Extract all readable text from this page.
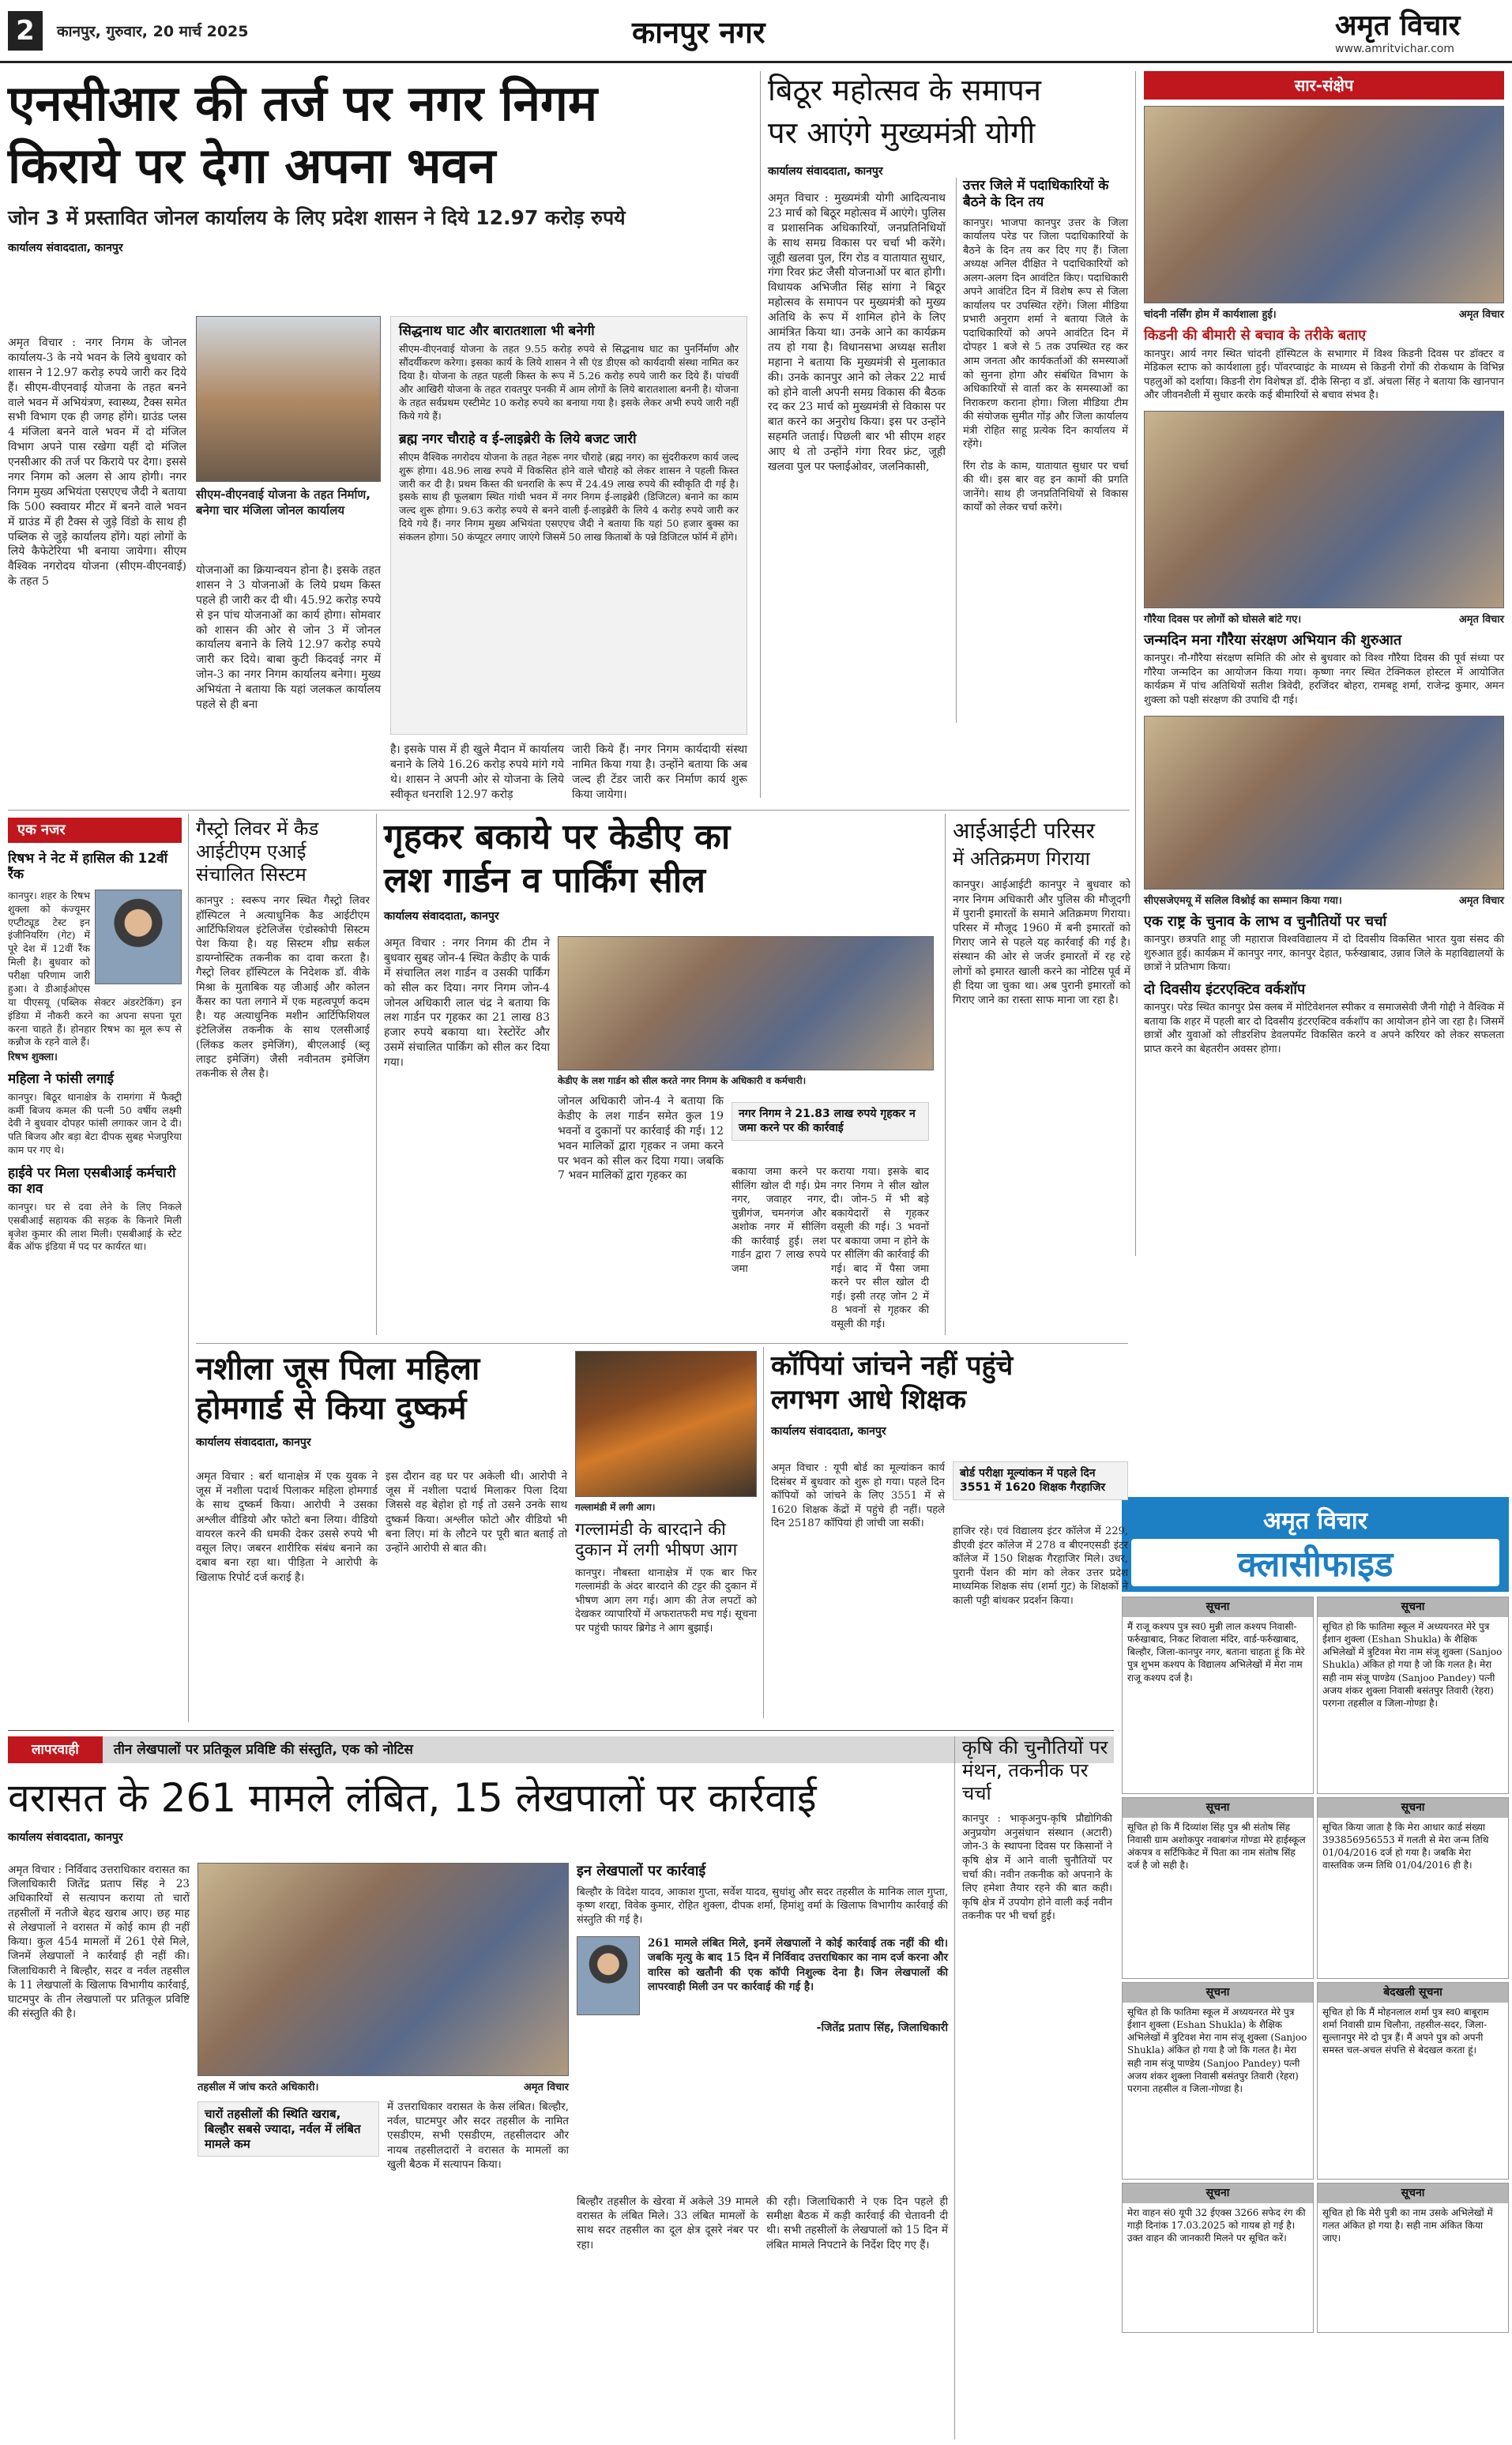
2	कानपुर, गुरुवार, 20 मार्च 2025	कानपुर नगर	अमृत विचार
www.amritvichar.com
एनसीआर की तर्ज पर नगर निगम
किराये पर देगा अपना भवन
जोन 3 में प्रस्तावित जोनल कार्यालय के लिए प्रदेश शासन ने दिये 12.97 करोड़ रुपये
कार्यालय संवाददाता, कानपुर

अमृत विचार : नगर निगम के जोनल कार्यालय-3 के नये भवन के लिये बुधवार को शासन ने 12.97 करोड़ रुपये जारी कर दिये हैं। सीएम-वीएनवाई योजना के तहत बनने वाले भवन में अभियंत्रण, स्वास्थ्य, टैक्स समेत सभी विभाग एक ही जगह होंगे। ग्राउंड प्लस 4 मंजिला बनने वाले भवन में दो मंजिल विभाग अपने पास रखेगा यहीं दो मंजिल एनसीआर की तर्ज पर किराये पर देगा। इससे नगर निगम को अलग से आय होगी। नगर निगम मुख्य अभियंता एसएएच जैदी ने बताया कि 500 स्क्वायर मीटर में बनने वाले भवन में ग्राउंड में ही टैक्स से जुड़े विंडो के साथ ही पब्लिक से जुड़े कार्यालय होंगे। यहां लोगों के लिये कैफेटेरिया भी बनाया जायेगा। सीएम वैश्विक नगरोदय योजना (सीएम-वीएनवाई) के तहत 5

सीएम-वीएनवाई योजना के तहत निर्माण, बनेगा चार मंजिला जोनल कार्यालय

योजनाओं का क्रियान्वयन होना है। इसके तहत शासन ने 3 योजनाओं के लिये प्रथम किस्त पहले ही जारी कर दी थी। 45.92 करोड़ रुपये से इन पांच योजनाओं का कार्य होगा। सोमवार को शासन की ओर से जोन 3 में जोनल कार्यालय बनाने के लिये 12.97 करोड़ रुपये जारी कर दिये। बाबा कुटी किदवई नगर में जोन-3 का नगर निगम कार्यालय बनेगा। मुख्य अभियंता ने बताया कि यहां जलकल कार्यालय पहले से ही बना

सिद्धनाथ घाट और बारातशाला भी बनेगी
सीएम-वीएनवाई योजना के तहत 9.55 करोड़ रुपये से सिद्धनाथ घाट का पुनर्निर्माण और सौंदर्यीकरण करेगा। इसका कार्य के लिये शासन ने सी एंड डीएस को कार्यदायी संस्था नामित कर दिया है। योजना के तहत पहली किस्त के रूप में 5.26 करोड़ रुपये जारी कर दिये हैं। पांचवीं और आखिरी योजना के तहत रावतपुर पनकी में आम लोगों के लिये बारातशाला बननी है। योजना के तहत सर्वप्रथम एस्टीमेट 10 करोड़ रुपये का बनाया गया है। इसके लेकर अभी रुपये जारी नहीं किये गये हैं।
ब्रह्म नगर चौराहे व ई-लाइब्रेरी के लिये बजट जारी
सीएम वैश्विक नगरोदय योजना के तहत नेहरू नगर चौराहे (ब्रह्म नगर) का सुंदरीकरण कार्य जल्द शुरू होगा। 48.96 लाख रुपये में विकसित होने वाले चौराहे को लेकर शासन ने पहली किस्त जारी कर दी है। प्रथम किस्त की धनराशि के रूप में 24.49 लाख रुपये की स्वीकृति दी गई है। इसके साथ ही फूलबाग स्थित गांधी भवन में नगर निगम ई-लाइब्रेरी (डिजिटल) बनाने का काम जल्द शुरू होगा। 9.63 करोड़ रुपये से बनने वाली ई-लाइब्रेरी के लिये 4 करोड़ रुपये जारी कर दिये गये हैं। नगर निगम मुख्य अभियंता एसएएच जैदी ने बताया कि यहां 50 हजार बुक्स का संकलन होगा। 50 कंप्यूटर लगाए जाएंगे जिसमें 50 लाख किताबों के पन्ने डिजिटल फॉर्म में होंगे।

है। इसके पास में ही खुले मैदान में कार्यालय बनाने के लिये 16.26 करोड़ रुपये मांगे गये थे। शासन ने अपनी ओर से योजना के लिये स्वीकृत धनराशि 12.97 करोड़

जारी किये हैं। नगर निगम कार्यदायी संस्था नामित किया गया है। उन्होंने बताया कि अब जल्द ही टेंडर जारी कर निर्माण कार्य शुरू किया जायेगा।

बिठूर महोत्सव के समापन
पर आएंगे मुख्यमंत्री योगी
कार्यालय संवाददाता, कानपुर

अमृत विचार : मुख्यमंत्री योगी आदित्यनाथ 23 मार्च को बिठूर महोत्सव में आएंगे। पुलिस व प्रशासनिक अधिकारियों, जनप्रतिनिधियों के साथ समग्र विकास पर चर्चा भी करेंगे। जूही खलवा पुल, रिंग रोड व यातायात सुधार, गंगा रिवर फ्रंट जैसी योजनाओं पर बात होगी। विधायक अभिजीत सिंह सांगा ने बिठूर महोत्सव के समापन पर मुख्यमंत्री को मुख्य अतिथि के रूप में शामिल होने के लिए आमंत्रित किया था। उनके आने का कार्यक्रम तय हो गया है। विधानसभा अध्यक्ष सतीश महाना ने बताया कि मुख्यमंत्री से मुलाकात की। उनके कानपुर आने को लेकर 22 मार्च को होने वाली अपनी समग्र विकास की बैठक रद कर 23 मार्च को मुख्यमंत्री से विकास पर बात करने का अनुरोध किया। इस पर उन्होंने सहमति जताई। पिछली बार भी सीएम शहर आए थे तो उन्होंने गंगा रिवर फ्रंट, जूही खलवा पुल पर फ्लाईओवर, जलनिकासी,

उत्तर जिले में पदाधिकारियों के बैठने के दिन तय
कानपुर। भाजपा कानपुर उत्तर के जिला कार्यालय परेड पर जिला पदाधिकारियों के बैठने के दिन तय कर दिए गए हैं। जिला अध्यक्ष अनिल दीक्षित ने पदाधिकारियों को अलग-अलग दिन आवंटित किए। पदाधिकारी अपने आवंटित दिन में विशेष रूप से जिला कार्यालय पर उपस्थित रहेंगे। जिला मीडिया प्रभारी अनुराग शर्मा ने बताया जिले के पदाधिकारियों को अपने आवंटित दिन में दोपहर 1 बजे से 5 तक उपस्थित रह कर आम जनता और कार्यकर्ताओं की समस्याओं को सुनना होगा और संबंधित विभाग के अधिकारियों से वार्ता कर के समस्याओं का निराकरण कराना होगा। जिला मीडिया टीम की संयोजक सुमीत गोंड़ और जिला कार्यालय मंत्री रोहित साहू प्रत्येक दिन कार्यालय में रहेंगे।
रिंग रोड के काम, यातायात सुधार पर चर्चा की थी। इस बार वह इन कामों की प्रगति जानेंगे। साथ ही जनप्रतिनिधियों से विकास कार्यों को लेकर चर्चा करेंगे।
सार-संक्षेप
चांदनी नर्सिंग होम में कार्यशाला हुई।	अमृत विचार
किडनी की बीमारी से बचाव के तरीके बताए
कानपुर। आर्य नगर स्थित चांदनी हॉस्पिटल के सभागार में विश्व किडनी दिवस पर डॉक्टर व मेडिकल स्टाफ को कार्यशाला हुई। पॉवरप्वाइंट के माध्यम से किडनी रोगों की रोकथाम के विभिन्न पहलुओं को दर्शाया। किडनी रोग विशेषज्ञ डॉ. दीके सिन्हा व डॉ. अंचला सिंह ने बताया कि खानपान और जीवनशैली में सुधार करके कई बीमारियों से बचाव संभव है।
गौरैया दिवस पर लोगों को घोसले बांटे गए।	अमृत विचार
जन्मदिन मना गौरैया संरक्षण अभियान की शुरुआत
कानपुर। नौ-गौरैया संरक्षण समिति की ओर से बुधवार को विश्व गौरैया दिवस की पूर्व संध्या पर गौरैया जन्मदिन का आयोजन किया गया। कृष्णा नगर स्थित टेक्निकल होस्टल में आयोजित कार्यक्रम में पांच अतिथियों सतीश त्रिवेदी, हरजिंदर बोहरा, रामबहू शर्मा, राजेन्द्र कुमार, अमन शुक्ला को पक्षी संरक्षण की उपाधि दी गई।
सीएसजेएमयू में सलिल विश्नोई का सम्मान किया गया।	अमृत विचार
एक राष्ट्र के चुनाव के लाभ व चुनौतियों पर चर्चा
कानपुर। छत्रपति शाहू जी महाराज विश्वविद्यालय में दो दिवसीय विकसित भारत युवा संसद की शुरुआत हुई। कार्यक्रम में कानपुर नगर, कानपुर देहात, फर्रुखाबाद, उन्नाव जिले के महाविद्यालयों के छात्रों ने प्रतिभाग किया।
दो दिवसीय इंटरएक्टिव वर्कशॉप
कानपुर। परेड स्थित कानपुर प्रेस क्लब में मोटिवेशनल स्पीकर व समाजसेवी जैनी गोद्दी ने वैश्विक में बताया कि शहर में पहली बार दो दिवसीय इंटरएक्टिव वर्कशॉप का आयोजन होने जा रहा है। जिसमें छात्रों और युवाओं को लीडरशिप डेवलपमेंट विकसित करने व अपने करियर को लेकर सफलता प्राप्त करने का बेहतरीन अवसर होगा।
अमृत विचार
क्लासीफाइड
सूचना
मैं राजू कश्यप पुत्र स्व0 मुन्नी लाल कश्यप निवासी-फर्रुखाबाद, निकट शिवाला मंदिर, वार्ड-फर्रुखाबाद, बिल्हौर, जिला-कानपुर नगर, बताना चाहता हूं कि मेरे पुत्र शुभम कश्यप के विद्यालय अभिलेखों में मेरा नाम राजू कश्यप दर्ज है।
सूचना
सूचित हो कि फातिमा स्कूल में अध्ययनरत मेरे पुत्र ईशान शुक्ला (Eshan Shukla) के शैक्षिक अभिलेखों में त्रुटिवश मेरा नाम संजू शुक्ला (Sanjoo Shukla) अंकित हो गया है जो कि गलत है। मेरा सही नाम संजू पाण्डेय (Sanjoo Pandey) पत्नी अजय शंकर शुक्ला निवासी बसंतपुर तिवारी (रेहरा) परगना तहसील व जिला-गोण्डा है।
सूचना
सूचित हो कि मैं दिव्यांश सिंह पुत्र श्री संतोष सिंह निवासी ग्राम अशोकपुर नवाबगंज गोण्डा मेरे हाईस्कूल अंकपत्र व सर्टिफिकेट में पिता का नाम संतोष सिंह दर्ज है जो सही है।
सूचना
सूचित किया जाता है कि मेरा आधार कार्ड संख्या 393856956553 में गलती से मेरा जन्म तिथि 01/04/2016 दर्ज हो गया है। जबकि मेरा वास्तविक जन्म तिथि 01/04/2016 ही है।
सूचना
सूचित हो कि फातिमा स्कूल में अध्ययनरत मेरे पुत्र ईशान शुक्ला (Eshan Shukla) के शैक्षिक अभिलेखों में त्रुटिवश मेरा नाम संजू शुक्ला (Sanjoo Shukla) अंकित हो गया है जो कि गलत है। मेरा सही नाम संजू पाण्डेय (Sanjoo Pandey) पत्नी अजय शंकर शुक्ला निवासी बसंतपुर तिवारी (रेहरा) परगना तहसील व जिला-गोण्डा है।
बेदखली सूचना
सूचित हो कि मैं मोहनलाल शर्मा पुत्र स्व0 बाबूराम शर्मा निवासी ग्राम चिलौना, तहसील-सदर, जिला-सुल्तानपुर मेरे दो पुत्र हैं। मैं अपने पुत्र को अपनी समस्त चल-अचल संपत्ति से बेदखल करता हूं।
सूचना
मेरा वाहन सं0 यूपी 32 ईएक्स 3266 सफेद रंग की गाड़ी दिनांक 17.03.2025 को गायब हो गई है। उक्त वाहन की जानकारी मिलने पर सूचित करें।
सूचना
सूचित हो कि मेरी पुत्री का नाम उसके अभिलेखों में गलत अंकित हो गया है। सही नाम अंकित किया जाए।
एक नजर
रिषभ ने नेट में हासिल की 12वीं रैंक
कानपुर। शहर के रिषभ शुक्ला को कंज्यूमर एप्टीट्यूड टेस्ट इन इंजीनियरिंग (गेट) में पूरे देश में 12वीं रैंक मिली है। बुधवार को परीक्षा परिणाम जारी हुआ। वे डीआईओएस या पीएसयू (पब्लिक सेक्टर अंडरटेकिंग) इन इंडिया में नौकरी करने का अपना सपना पूरा करना चाहते हैं। होनहार रिषभ का मूल रूप से कन्नौज के रहने वाले हैं।
रिषभ शुक्ला।
महिला ने फांसी लगाई
कानपुर। बिठूर थानाक्षेत्र के रामगंगा में फैक्ट्री कर्मी बिजय कमल की पत्नी 50 वर्षीय लक्ष्मी देवी ने बुधवार दोपहर फांसी लगाकर जान दे दी। पति बिजय और बड़ा बेटा दीपक सुबह भेजपुरिया काम पर गए थे।
हाईवे पर मिला एसबीआई कर्मचारी का शव
कानपुर। घर से दवा लेने के लिए निकले एसबीआई सहायक की सड़क के किनारे मिली बृजेश कुमार की लाश मिली। एसबीआई के स्टेट बैंक ऑफ इंडिया में पद पर कार्यरत था।
गैस्ट्रो लिवर में कैड आईटीएम एआई संचालित सिस्टम
कानपुर : स्वरूप नगर स्थित गैस्ट्रो लिवर हॉस्पिटल ने अत्याधुनिक कैड आईटीएम आर्टिफिशियल इंटेलिजेंस एंडोस्कोपी सिस्टम पेश किया है। यह सिस्टम शीघ्र सर्कल डायग्नोस्टिक तकनीक का दावा करता है। गैस्ट्रो लिवर हॉस्पिटल के निदेशक डॉ. वीके मिश्रा के मुताबिक यह जीआई और कोलन कैंसर का पता लगाने में एक महत्वपूर्ण कदम है। यह अत्याधुनिक मशीन आर्टिफिशियल इंटेलिजेंस तकनीक के साथ एलसीआई (लिंकड कलर इमेजिंग), बीएलआई (ब्लू लाइट इमेजिंग) जैसी नवीनतम इमेजिंग तकनीक से लैस है।
गृहकर बकाये पर केडीए का
लश गार्डन व पार्किंग सील
कार्यालय संवाददाता, कानपुर

अमृत विचार : नगर निगम की टीम ने बुधवार सुबह जोन-4 स्थित केडीए के पार्क में संचालित लश गार्डन व उसकी पार्किंग को सील कर दिया। नगर निगम जोन-4 जोनल अधिकारी लाल चंद्र ने बताया कि लश गार्डन पर गृहकर का 21 लाख 83 हजार रुपये बकाया था। रेस्टोरेंट और उसमें संचालित पार्किंग को सील कर दिया गया।

जोनल अधिकारी जोन-4 ने बताया कि केडीए के लश गार्डन समेत कुल 19 भवनों व दुकानों पर कार्रवाई की गई। 12 भवन मालिकों द्वारा गृहकर न जमा करने पर भवन को सील कर दिया गया। जबकि 7 भवन मालिकों द्वारा गृहकर का

केडीए के लश गार्डन को सील करते नगर निगम के अधिकारी व कर्मचारी।
नगर निगम ने 21.83 लाख रुपये गृहकर न जमा करने पर की कार्रवाई

बकाया जमा करने पर सीलिंग खोल दी गई। प्रेम नगर, जवाहर नगर, चुन्नीगंज, चमनगंज और अशोक नगर में सीलिंग की कार्रवाई हुई। लश गार्डन द्वारा 7 लाख रुपये जमा

कराया गया। इसके बाद नगर निगम ने सील खोल दी। जोन-5 में भी बड़े बकायेदारों से गृहकर वसूली की गई। 3 भवनों पर बकाया जमा न होने के पर सीलिंग की कार्रवाई की गई। बाद में पैसा जमा करने पर सील खोल दी गई। इसी तरह जोन 2 में 8 भवनों से गृहकर की वसूली की गई।

आईआईटी परिसर
में अतिक्रमण गिराया
कानपुर। आईआईटी कानपुर ने बुधवार को नगर निगम अधिकारी और पुलिस की मौजूदगी में पुरानी इमारतों के समाने अतिक्रमण गिराया। परिसर में मौजूद 1960 में बनी इमारतों को गिराए जाने से पहले यह कार्रवाई की गई है। संस्थान की ओर से जर्जर इमारतों में रह रहे लोगों को इमारत खाली करने का नोटिस पूर्व में ही दिया जा चुका था। अब पुरानी इमारतों को गिराए जाने का रास्ता साफ माना जा रहा है।
नशीला जूस पिला महिला
होमगार्ड से किया दुष्कर्म
कार्यालय संवाददाता, कानपुर

अमृत विचार : बर्रा थानाक्षेत्र में एक युवक ने जूस में नशीला पदार्थ पिलाकर महिला होमगार्ड के साथ दुष्कर्म किया। आरोपी ने उसका अश्लील वीडियो और फोटो बना लिया। वीडियो वायरल करने की धमकी देकर उससे रुपये भी वसूल लिए। जबरन शारीरिक संबंध बनाने का दबाव बना रहा था। पीड़िता ने आरोपी के खिलाफ रिपोर्ट दर्ज कराई है।

इस दौरान वह घर पर अकेली थी। आरोपी ने जूस में नशीला पदार्थ मिलाकर पिला दिया जिससे वह बेहोश हो गई तो उसने उनके साथ दुष्कर्म किया। अश्लील फोटो और वीडियो भी बना लिए। मां के लौटने पर पूरी बात बताई तो उन्होंने आरोपी से बात की।

गल्लामंडी में लगी आग।
गल्लामंडी के बारदाने की दुकान में लगी भीषण आग
कानपुर। नौबस्ता थानाक्षेत्र में एक बार फिर गल्लामंडी के अंदर बारदाने की टट्टर की दुकान में भीषण आग लग गई। आग की तेज लपटों को देखकर व्यापारियों में अफरातफरी मच गई। सूचना पर पहुंची फायर ब्रिगेड ने आग बुझाई।
कॉपियां जांचने नहीं पहुंचे
लगभग आधे शिक्षक
कार्यालय संवाददाता, कानपुर

अमृत विचार : यूपी बोर्ड का मूल्यांकन कार्य दिसंबर में बुधवार को शुरू हो गया। पहले दिन कॉपियों को जांचने के लिए 3551 में से 1620 शिक्षक केंद्रों में पहुंचे ही नहीं। पहले दिन 25187 कॉपियां ही जांची जा सकीं।

बोर्ड परीक्षा मूल्यांकन में पहले दिन 3551 में 1620 शिक्षक गैरहाजिर

हाजिर रहे। एवं विद्यालय इंटर कॉलेज में 229, डीएवी इंटर कॉलेज में 278 व बीएनएसडी इंटर कॉलेज में 150 शिक्षक गैरहाजिर मिले। उधर, पुरानी पेंशन की मांग को लेकर उत्तर प्रदेश माध्यमिक शिक्षक संघ (शर्मा गुट) के शिक्षकों ने काली पट्टी बांधकर प्रदर्शन किया।

लापरवाही	तीन लेखपालों पर प्रतिकूल प्रविष्टि की संस्तुति, एक को नोटिस
वरासत के 261 मामले लंबित, 15 लेखपालों पर कार्रवाई
कार्यालय संवाददाता, कानपुर

अमृत विचार : निर्विवाद उत्तराधिकार वरासत का जिलाधिकारी जितेंद्र प्रताप सिंह ने 23 अधिकारियों से सत्यापन कराया तो चारों तहसीलों में नतीजे बेहद खराब आए। छह माह से लेखपालों ने वरासत में कोई काम ही नहीं किया। कुल 454 मामलों में 261 ऐसे मिले, जिनमें लेखपालों ने कार्रवाई ही नहीं की। जिलाधिकारी ने बिल्हौर, सदर व नर्वल तहसील के 11 लेखपालों के खिलाफ विभागीय कार्रवाई, घाटमपुर के तीन लेखपालों पर प्रतिकूल प्रविष्टि की संस्तुति की है।

तहसील में जांच करते अधिकारी।	अमृत विचार
चारों तहसीलों की स्थिति खराब, बिल्हौर सबसे ज्यादा, नर्वल में लंबित मामले कम
में उत्तराधिकार वरासत के केस लंबित। बिल्हौर, नर्वल, घाटमपुर और सदर तहसील के नामित एसडीएम, सभी एसडीएम, तहसीलदार और नायब तहसीलदारों ने वरासत के मामलों का खुली बैठक में सत्यापन किया।
इन लेखपालों पर कार्रवाई
बिल्हौर के विदेश यादव, आकाश गुप्ता, सर्वेश यादव, सुधांशु और सदर तहसील के मानिक लाल गुप्ता, कृष्ण शरद्दा, विवेक कुमार, रोहित शुक्ला, दीपक शर्मा, हिमांशु वर्मा के खिलाफ विभागीय कार्रवाई की संस्तुति की गई है।
261 मामले लंबित मिले, इनमें लेखपालों ने कोई कार्रवाई तक नहीं की थी। जबकि मृत्यु के बाद 15 दिन में निर्विवाद उत्तराधिकार का नाम दर्ज करना और वारिस को खतौनी की एक कॉपी निशुल्क देना है। जिन लेखपालों की लापरवाही मिली उन पर कार्रवाई की गई है।
-जितेंद्र प्रताप सिंह, जिलाधिकारी

बिल्हौर तहसील के खेरवा में अकेले 39 मामले वरासत के लंबित मिले। 33 लंबित मामलों के साथ सदर तहसील का दूल क्षेत्र दूसरे नंबर पर रहा।

की रही। जिलाधिकारी ने एक दिन पहले ही समीक्षा बैठक में कड़ी कार्रवाई की चेतावनी दी थी। सभी तहसीलों के लेखपालों को 15 दिन में लंबित मामले निपटाने के निर्देश दिए गए हैं।

कृषि की चुनौतियों पर मंथन, तकनीक पर चर्चा
कानपुर : भाकृअनुप-कृषि प्रौद्योगिकी अनुप्रयोग अनुसंधान संस्थान (अटारी) जोन-3 के स्थापना दिवस पर किसानों ने कृषि क्षेत्र में आने वाली चुनौतियों पर चर्चा की। नवीन तकनीक को अपनाने के लिए हमेशा तैयार रहने की बात कही। कृषि क्षेत्र में उपयोग होने वाली कई नवीन तकनीक पर भी चर्चा हुई।
